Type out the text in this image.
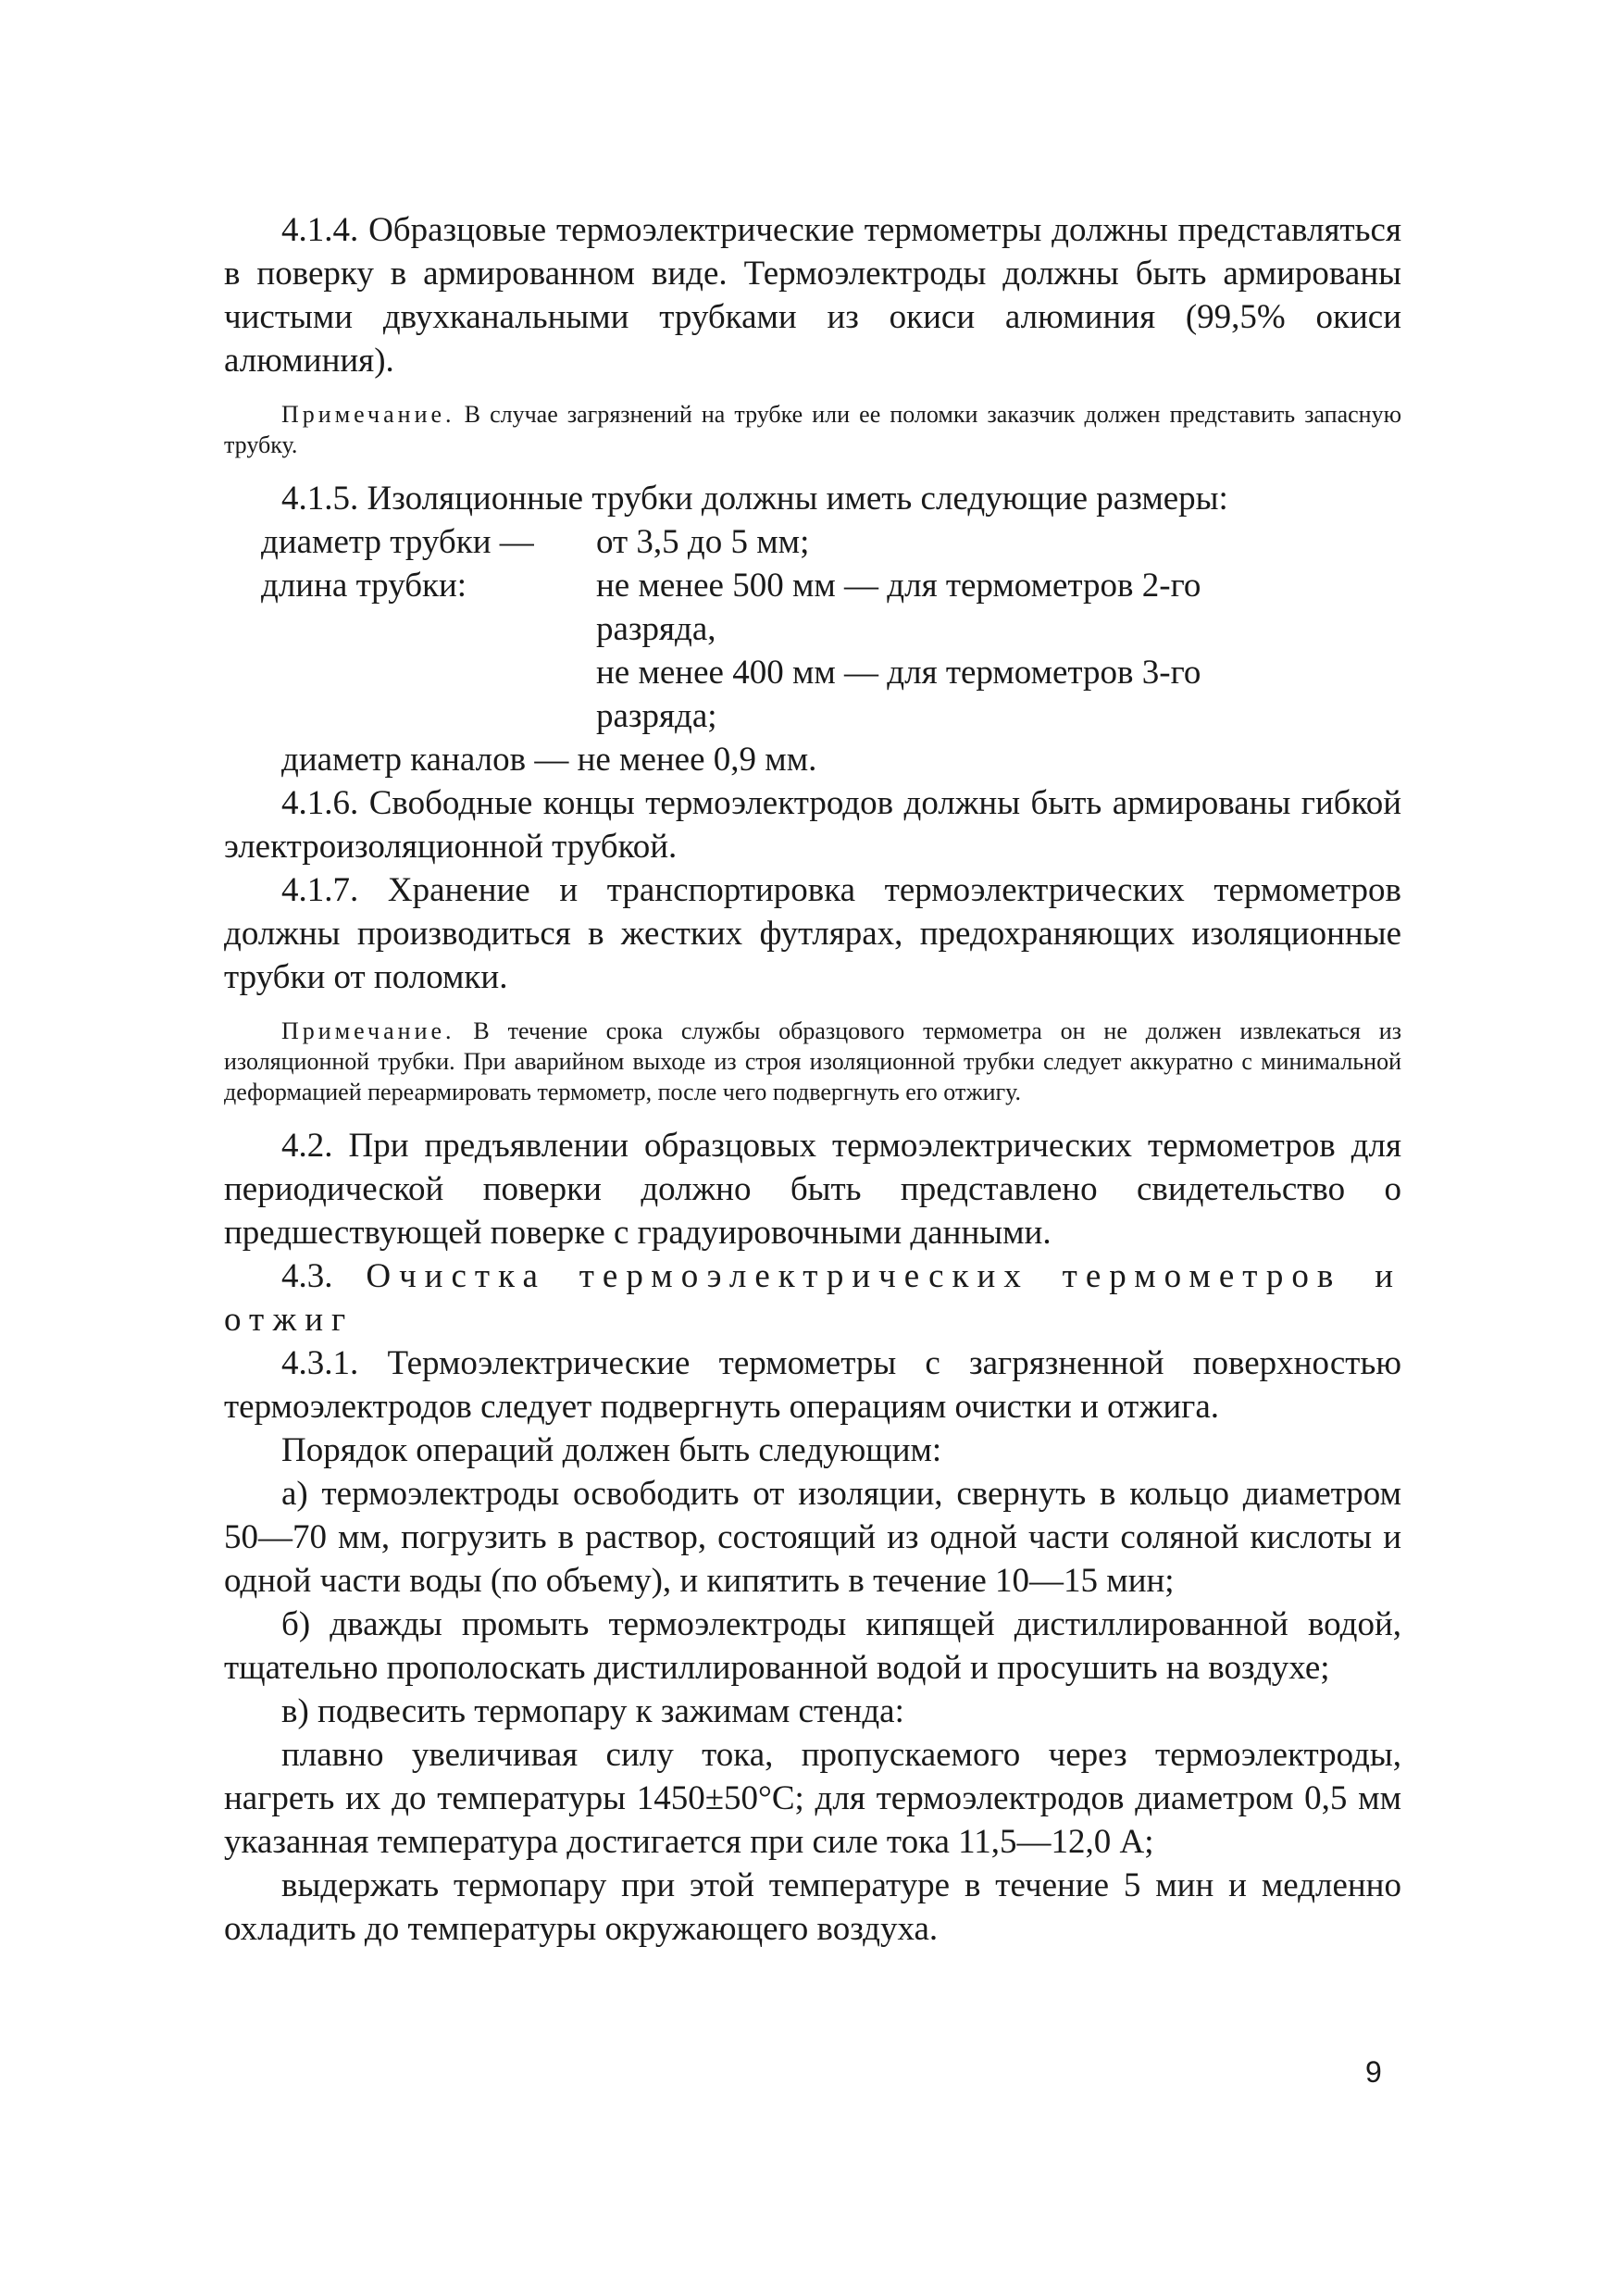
4.1.4. Образцовые термоэлектрические термометры должны представляться в поверку в армированном виде. Термоэлектроды должны быть армированы чистыми двухканальными трубками из окиси алюминия (99,5% окиси алюминия).

Примечание. В случае загрязнений на трубке или ее поломки заказчик должен представить запасную трубку.

4.1.5. Изоляционные трубки должны иметь следующие размеры:

диаметр трубки —	от 3,5 до 5 мм;
длина трубки:	не менее 500 мм — для термометров 2-го
разряда,
не менее 400 мм — для термометров 3-го
разряда;
диаметр каналов — не менее 0,9 мм.

4.1.6. Свободные концы термоэлектродов должны быть армированы гибкой электроизоляционной трубкой.

4.1.7. Хранение и транспортировка термоэлектрических термометров должны производиться в жестких футлярах, предохраняющих изоляционные трубки от поломки.

Примечание. В течение срока службы образцового термометра он не должен извлекаться из изоляционной трубки. При аварийном выходе из строя изоляционной трубки следует аккуратно с минимальной деформацией переармировать термометр, после чего подвергнуть его отжигу.

4.2. При предъявлении образцовых термоэлектрических термометров для периодической поверки должно быть представлено свидетельство о предшествующей поверке с градуировочными данными.

4.3. Очистка термоэлектрических термометров и отжиг

4.3.1. Термоэлектрические термометры с загрязненной поверхностью термоэлектродов следует подвергнуть операциям очистки и отжига.

Порядок операций должен быть следующим:

а) термоэлектроды освободить от изоляции, свернуть в кольцо диаметром 50—70 мм, погрузить в раствор, состоящий из одной части соляной кислоты и одной части воды (по объему), и кипятить в течение 10—15 мин;

б) дважды промыть термоэлектроды кипящей дистиллированной водой, тщательно прополоскать дистиллированной водой и просушить на воздухе;

в) подвесить термопару к зажимам стенда:

плавно увеличивая силу тока, пропускаемого через термоэлектроды, нагреть их до температуры 1450±50°С; для термоэлектродов диаметром 0,5 мм указанная температура достигается при силе тока 11,5—12,0 А;

выдержать термопару при этой температуре в течение 5 мин и медленно охладить до температуры окружающего воздуха.

9
